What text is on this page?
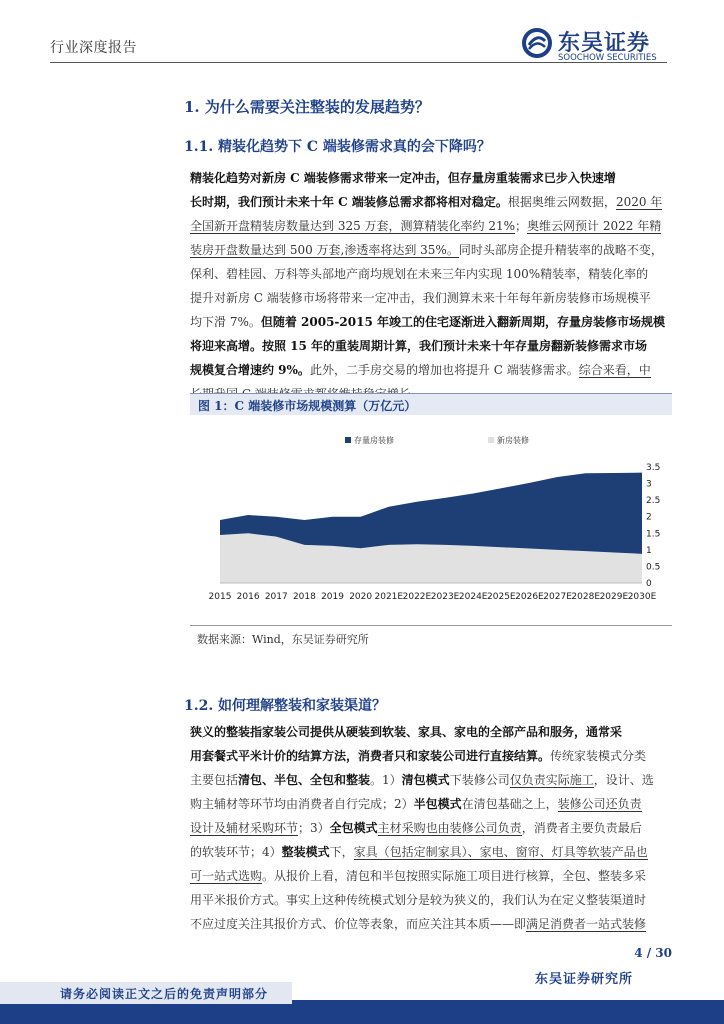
行业深度报告	东吴证券
SOOCHOW SECURITIES
1. 为什么需要关注整装的发展趋势？
1.1. 精装化趋势下 C 端装修需求真的会下降吗？
精装化趋势对新房 C 端装修需求带来一定冲击，但存量房重装需求已步入快速增
长时期，我们预计未来十年 C 端装修总需求都将相对稳定。根据奥维云网数据，2020 年
全国新开盘精装房数量达到 325 万套，测算精装化率约 21%；奥维云网预计 2022 年精
装房开盘数量达到 500 万套,渗透率将达到 35%。同时头部房企提升精装率的战略不变，
保利、碧桂园、万科等头部地产商均规划在未来三年内实现 100%精装率，精装化率的
提升对新房 C 端装修市场将带来一定冲击，我们测算未来十年每年新房装修市场规模平
均下滑 7%。但随着 2005-2015 年竣工的住宅逐渐进入翻新周期，存量房装修市场规模
将迎来高增。按照 15 年的重装周期计算，我们预计未来十年存量房翻新装修需求市场
规模复合增速约 9%。此外，二手房交易的增加也将提升 C 端装修需求。综合来看，中
图 1：C 端装修市场规模测算（万亿元）
0
0.5
1
1.5
2
2.5
3
3.5
2015 2016 2017 2018 2019 2020 2021E 2022E 2023E 2024E 2025E 2026E 2027E 2028E 2029E 2030E
存量房装修	新房装修
数据来源：Wind，东吴证券研究所
1.2. 如何理解整装和家装渠道？
狭义的整装指家装公司提供从硬装到软装、家具、家电的全部产品和服务，通常采
用套餐式平米计价的结算方法，消费者只和家装公司进行直接结算。传统家装模式分类
主要包括清包、半包、全包和整装。1）清包模式下装修公司仅负责实际施工，设计、选
购主辅材等环节均由消费者自行完成；2）半包模式在清包基础之上，装修公司还负责
设计及辅材采购环节；3）全包模式主材采购也由装修公司负责，消费者主要负责最后
的软装环节；4）整装模式下，家具（包括定制家具）、家电、窗帘、灯具等软装产品也
可一站式选购。从报价上看，清包和半包按照实际施工项目进行核算，全包、整装多采
用平米报价方式。事实上这种传统模式划分是较为狭义的，我们认为在定义整装渠道时
不应过度关注其报价方式、价位等表象，而应关注其本质——即满足消费者一站式装修
4 / 30
东吴证券研究所
请务必阅读正文之后的免责声明部分
